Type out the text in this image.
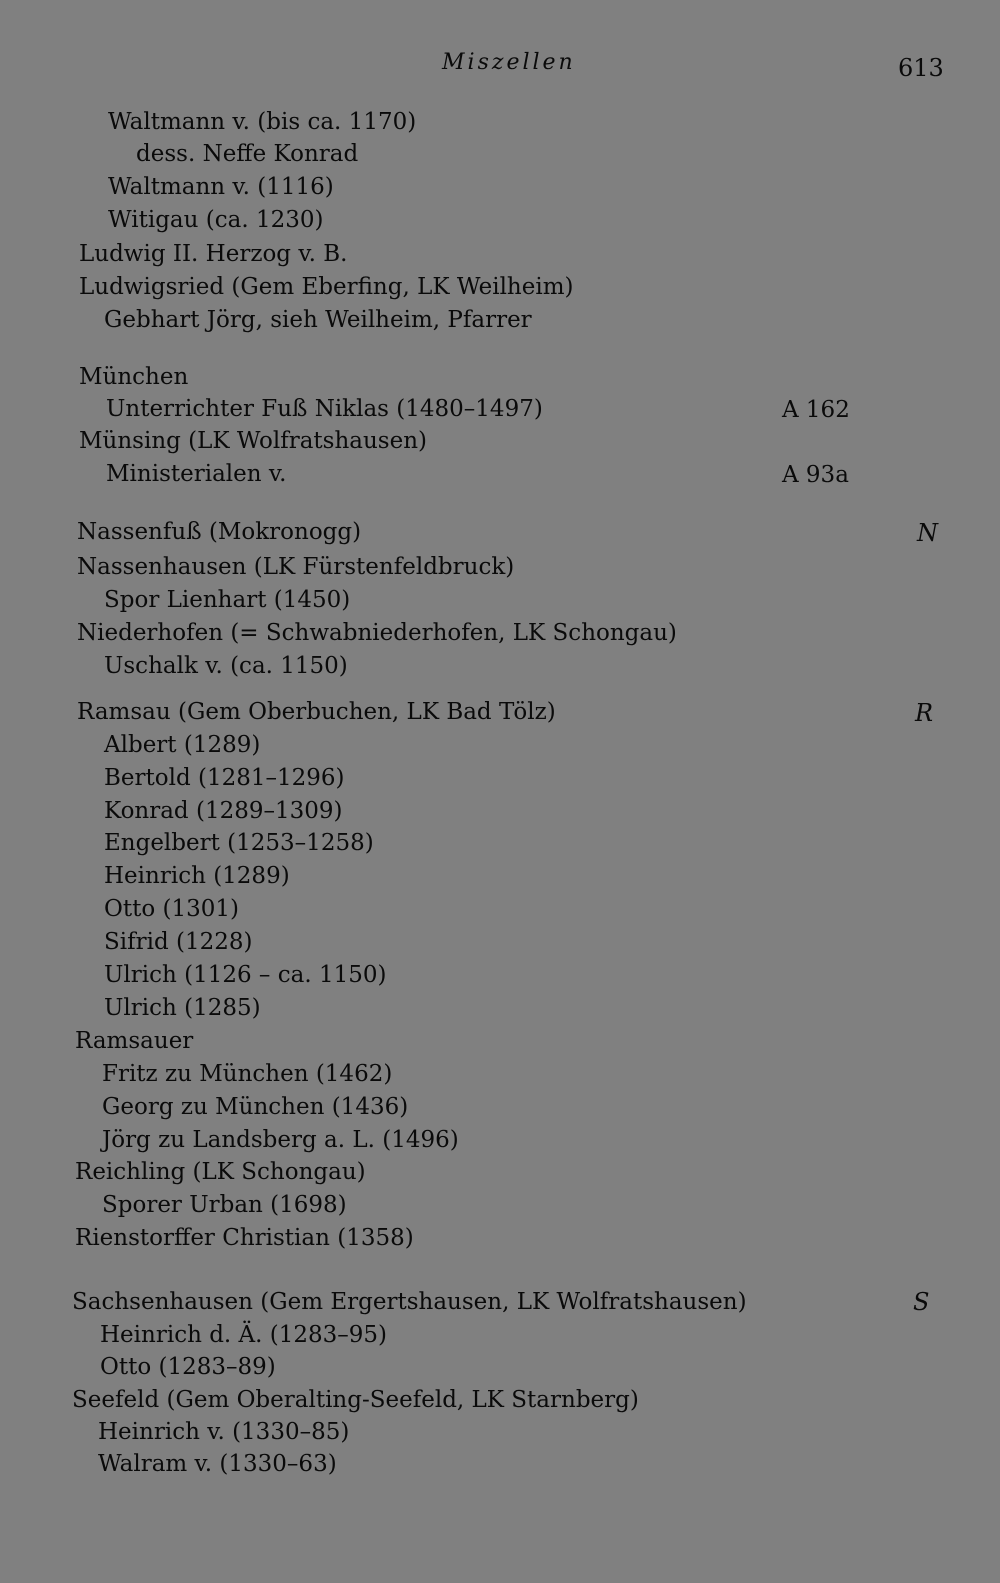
Miszellen	613
Waltmann v. (bis ca. 1170)
dess. Neffe Konrad
Waltmann v. (1116)
Witigau (ca. 1230)
Ludwig II. Herzog v. B.
Ludwigsried (Gem Eberfing, LK Weilheim)
Gebhart Jörg, sieh Weilheim, Pfarrer
München
Unterrichter Fuß Niklas (1480–1497)
Münsing (LK Wolfratshausen)
Ministerialen v.
Nassenfuß (Mokronogg)
Nassenhausen (LK Fürstenfeldbruck)
Spor Lienhart (1450)
Niederhofen (= Schwabniederhofen, LK Schongau)
Uschalk v. (ca. 1150)
Ramsau (Gem Oberbuchen, LK Bad Tölz)
Albert (1289)
Bertold (1281–1296)
Konrad (1289–1309)
Engelbert (1253–1258)
Heinrich (1289)
Otto (1301)
Sifrid (1228)
Ulrich (1126 – ca. 1150)
Ulrich (1285)
Ramsauer
Fritz zu München (1462)
Georg zu München (1436)
Jörg zu Landsberg a. L. (1496)
Reichling (LK Schongau)
Sporer Urban (1698)
Rienstorffer Christian (1358)
Sachsenhausen (Gem Ergertshausen, LK Wolfratshausen)
Heinrich d. Ä. (1283–95)
Otto (1283–89)
Seefeld (Gem Oberalting-Seefeld, LK Starnberg)
Heinrich v. (1330–85)
Walram v. (1330–63)
A 162
A 93a
N
R
S
